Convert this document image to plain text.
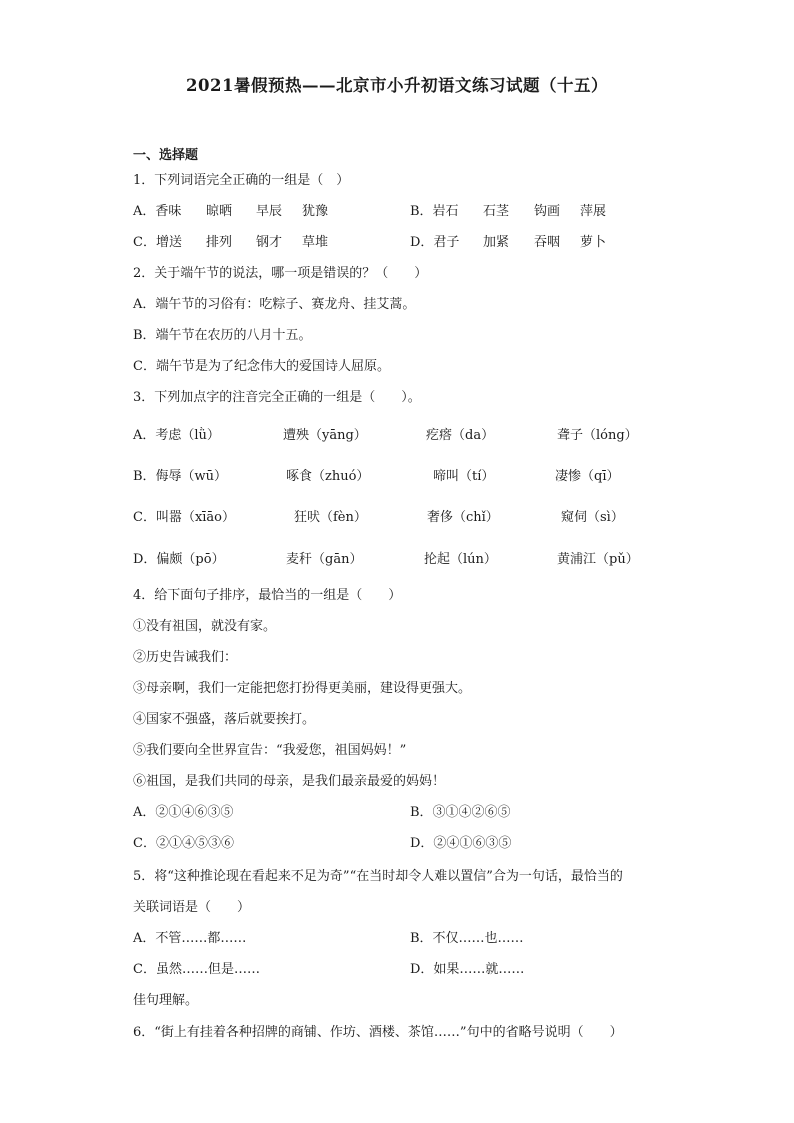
2021暑假预热——北京市小升初语文练习试题（十五）
一、选择题
1．下列词语完全正确的一组是（　）
A．香味 晾晒 早辰 犹豫	B．岩石 石茎 钩画 萍展
C．增送 排列 钢才 草堆	D．君子 加紧 吞咽 萝卜
2．关于端午节的说法，哪一项是错误的？（　　）
A．端午节的习俗有：吃粽子、赛龙舟、挂艾蒿。
B．端午节在农历的八月十五。
C．端午节是为了纪念伟大的爱国诗人屈原。
3．下列加点字的注音完全正确的一组是（　　）。
A．考虑（lǜ）	遭殃（yāng）	疙瘩（da）	聋子（lóng）
B．侮辱（wū）	啄食（zhuó）	啼叫（tí）	凄惨（qī）
C．叫嚣（xīāo）	狂吠（fèn）	奢侈（chǐ）	窥伺（sì）
D．偏颇（pō）	麦秆（gān）	抡起（lún）	黄浦江（pǔ）
4．给下面句子排序，最恰当的一组是（　　）
①没有祖国，就没有家。
②历史告诫我们：
③母亲啊，我们一定能把您打扮得更美丽，建设得更强大。
④国家不强盛，落后就要挨打。
⑤我们要向全世界宣告：“我爱您，祖国妈妈！”
⑥祖国，是我们共同的母亲，是我们最亲最爱的妈妈！
A．②①④⑥③⑤	B．③①④②⑥⑤
C．②①④⑤③⑥	D．②④①⑥③⑤
5．将“这种推论现在看起来不足为奇”“在当时却令人难以置信”合为一句话，最恰当的
关联词语是（　　）
A．不管……都……	B．不仅……也……
C．虽然……但是……	D．如果……就……
佳句理解。
6．“街上有挂着各种招牌的商铺、作坊、酒楼、茶馆……”句中的省略号说明（　　）
